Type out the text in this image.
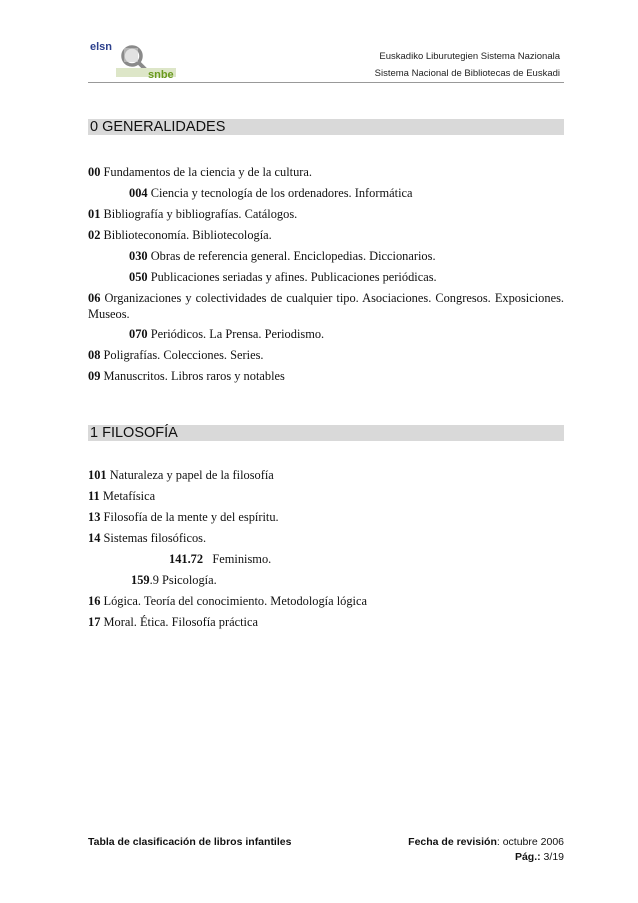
elsn
snbe
Euskadiko Liburutegien Sistema Nazionala
Sistema Nacional de Bibliotecas de Euskadi
0 GENERALIDADES
00 Fundamentos de la ciencia y de la cultura.
004 Ciencia y tecnología de los ordenadores. Informática
01 Bibliografía y bibliografías. Catálogos.
02 Biblioteconomía. Bibliotecología.
030 Obras de referencia general. Enciclopedias. Diccionarios.
050 Publicaciones seriadas y afines. Publicaciones periódicas.
06 Organizaciones y colectividades de cualquier tipo. Asociaciones. Congresos. Exposiciones. Museos.
070 Periódicos. La Prensa. Periodismo.
08 Poligrafías. Colecciones. Series.
09 Manuscritos. Libros raros y notables
1 FILOSOFÍA
101 Naturaleza y papel de la filosofía
11 Metafísica
13 Filosofía de la mente y del espíritu.
14 Sistemas filosóficos.
141.72 Feminismo.
159.9 Psicología.
16 Lógica. Teoría del conocimiento. Metodología lógica
17 Moral. Ética. Filosofía práctica
Tabla de clasificación de libros infantiles	Fecha de revisión: octubre 2006
Pág.: 3/19
